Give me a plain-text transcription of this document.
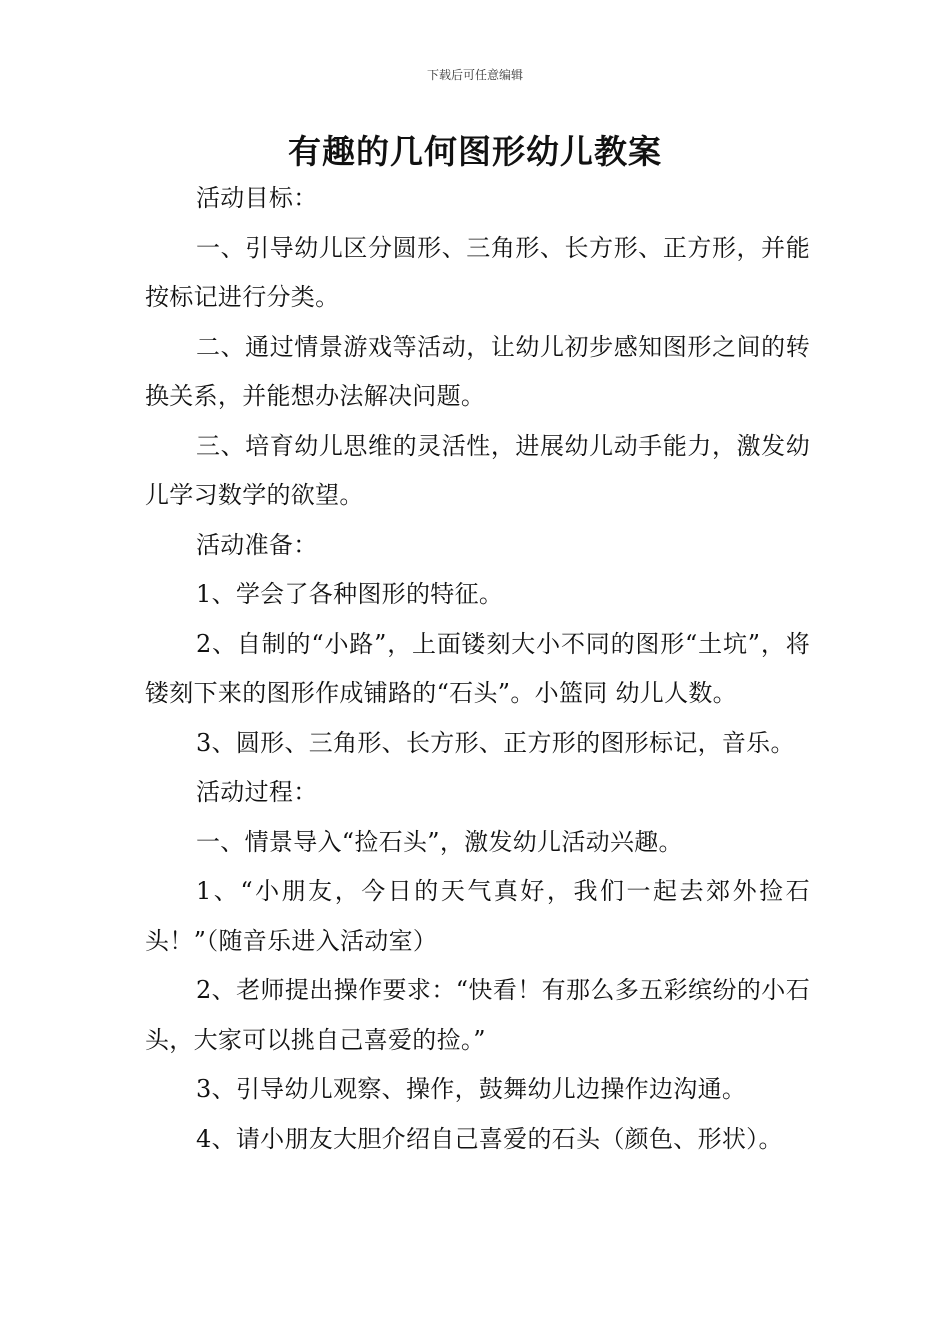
下载后可任意编辑
有趣的几何图形幼儿教案

活动目标：

一、引导幼儿区分圆形、三角形、长方形、正方形，并能按标记进行分类。

二、通过情景游戏等活动，让幼儿初步感知图形之间的转换关系，并能想办法解决问题。

三、培育幼儿思维的灵活性，进展幼儿动手能力，激发幼儿学习数学的欲望。

活动准备：

1、学会了各种图形的特征。

2、自制的“小路”，上面镂刻大小不同的图形“土坑”，将镂刻下来的图形作成铺路的“石头”。小篮同 幼儿人数。

3、圆形、三角形、长方形、正方形的图形标记，音乐。

活动过程：

一、情景导入“捡石头”，激发幼儿活动兴趣。

1、“小朋友，今日的天气真好，我们一起去郊外捡石头！”（随音乐进入活动室）

2、老师提出操作要求：“快看！有那么多五彩缤纷的小石头，大家可以挑自己喜爱的捡。”

3、引导幼儿观察、操作，鼓舞幼儿边操作边沟通。

4、请小朋友大胆介绍自己喜爱的石头（颜色、形状）。
